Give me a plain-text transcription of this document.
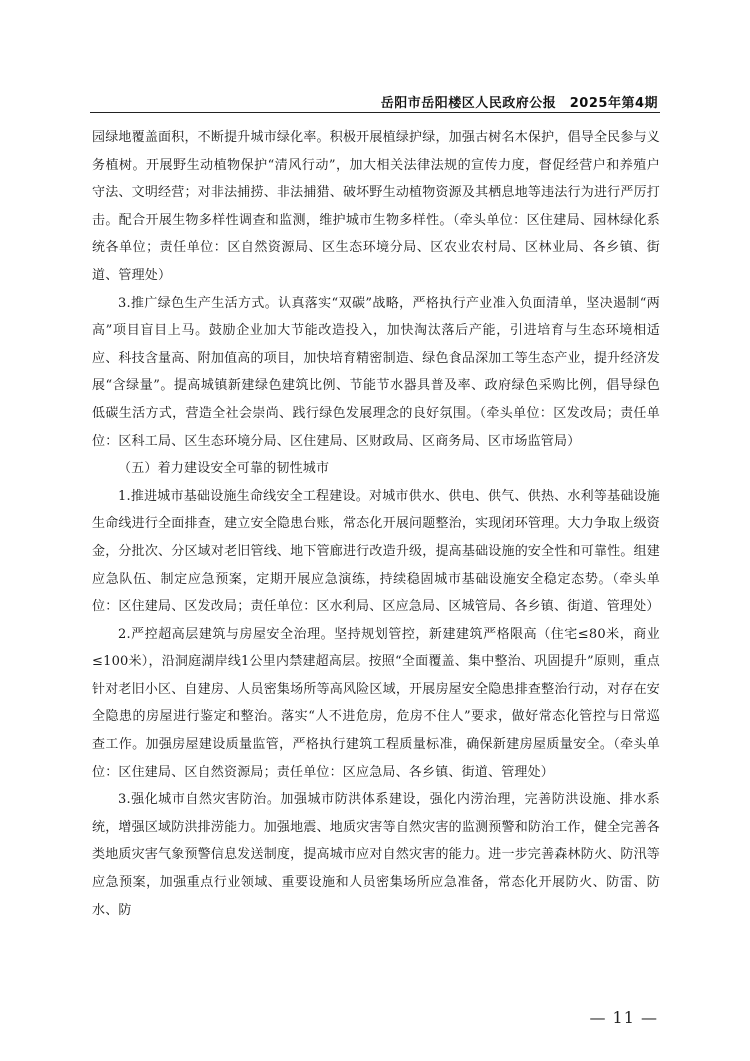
岳阳市岳阳楼区人民政府公报　2025年第4期

园绿地覆盖面积，不断提升城市绿化率。积极开展植绿护绿，加强古树名木保护，倡导全民参与义务植树。开展野生动植物保护“清风行动”，加大相关法律法规的宣传力度，督促经营户和养殖户守法、文明经营；对非法捕捞、非法捕猎、破坏野生动植物资源及其栖息地等违法行为进行严厉打击。配合开展生物多样性调查和监测，维护城市生物多样性。（牵头单位：区住建局、园林绿化系统各单位；责任单位：区自然资源局、区生态环境分局、区农业农村局、区林业局、各乡镇、街道、管理处）

3.推广绿色生产生活方式。认真落实“双碳”战略，严格执行产业准入负面清单，坚决遏制“两高”项目盲目上马。鼓励企业加大节能改造投入，加快淘汰落后产能，引进培育与生态环境相适应、科技含量高、附加值高的项目，加快培育精密制造、绿色食品深加工等生态产业，提升经济发展“含绿量”。提高城镇新建绿色建筑比例、节能节水器具普及率、政府绿色采购比例，倡导绿色低碳生活方式，营造全社会崇尚、践行绿色发展理念的良好氛围。（牵头单位：区发改局；责任单位：区科工局、区生态环境分局、区住建局、区财政局、区商务局、区市场监管局）

（五）着力建设安全可靠的韧性城市

1.推进城市基础设施生命线安全工程建设。对城市供水、供电、供气、供热、水利等基础设施生命线进行全面排查，建立安全隐患台账，常态化开展问题整治，实现闭环管理。大力争取上级资金，分批次、分区域对老旧管线、地下管廊进行改造升级，提高基础设施的安全性和可靠性。组建应急队伍、制定应急预案，定期开展应急演练，持续稳固城市基础设施安全稳定态势。（牵头单位：区住建局、区发改局；责任单位：区水利局、区应急局、区城管局、各乡镇、街道、管理处）

2.严控超高层建筑与房屋安全治理。坚持规划管控，新建建筑严格限高（住宅≤80米，商业≤100米），沿洞庭湖岸线1公里内禁建超高层。按照“全面覆盖、集中整治、巩固提升”原则，重点针对老旧小区、自建房、人员密集场所等高风险区域，开展房屋安全隐患排查整治行动，对存在安全隐患的房屋进行鉴定和整治。落实“人不进危房，危房不住人”要求，做好常态化管控与日常巡查工作。加强房屋建设质量监管，严格执行建筑工程质量标准，确保新建房屋质量安全。（牵头单位：区住建局、区自然资源局；责任单位：区应急局、各乡镇、街道、管理处）

3.强化城市自然灾害防治。加强城市防洪体系建设，强化内涝治理，完善防洪设施、排水系统，增强区域防洪排涝能力。加强地震、地质灾害等自然灾害的监测预警和防治工作，健全完善各类地质灾害气象预警信息发送制度，提高城市应对自然灾害的能力。进一步完善森林防火、防汛等应急预案，加强重点行业领域、重要设施和人员密集场所应急准备，常态化开展防火、防雷、防水、防

— 11 —
